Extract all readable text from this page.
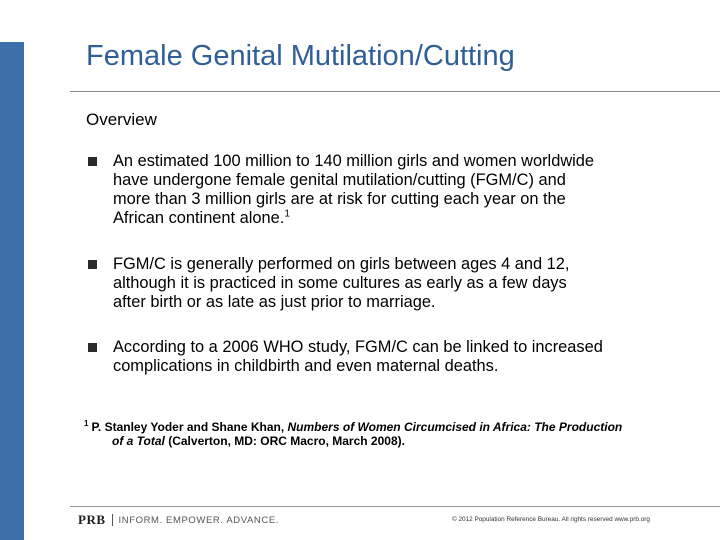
Female Genital Mutilation/Cutting
Overview
An estimated 100 million to 140 million girls and women worldwide
have undergone female genital mutilation/cutting (FGM/C) and
more than 3 million girls are at risk for cutting each year on the
African continent alone.$^1$
FGM/C is generally performed on girls between ages 4 and 12,
although it is practiced in some cultures as early as a few days
after birth or as late as just prior to marriage.
According to a 2006 WHO study, FGM/C can be linked to increased
complications in childbirth and even maternal deaths.
$^1$ P. Stanley Yoder and Shane Khan, Numbers of Women Circumcised in Africa: The Production
of a Total (Calverton, MD: ORC Macro, March 2008).
PRB INFORM. EMPOWER. ADVANCE.	© 2012 Population Reference Bureau. All rights reserved www.prb.org
